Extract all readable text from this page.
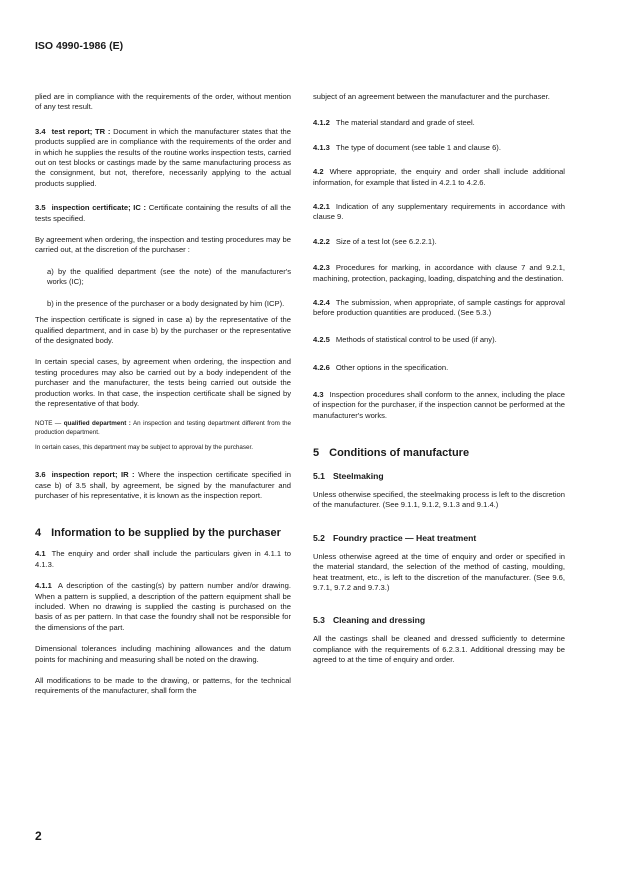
ISO 4990-1986 (E)

plied are in compliance with the requirements of the order, without mention of any test result.

3.4 test report; TR : Document in which the manufacturer states that the products supplied are in compliance with the requirements of the order and in which he supplies the results of the routine works inspection tests, carried out on test blocks or castings made by the same manufacturing process as the consignment, but not, therefore, necessarily applying to the actual products supplied.

3.5 inspection certificate; IC : Certificate containing the results of all the tests specified.

By agreement when ordering, the inspection and testing procedures may be carried out, at the discretion of the purchaser :

a) by the qualified department (see the note) of the manufacturer's works (IC);

b) in the presence of the purchaser or a body designated by him (ICP).

The inspection certificate is signed in case a) by the representative of the qualified department, and in case b) by the purchaser or the representative of the designated body.

In certain special cases, by agreement when ordering, the inspection and testing procedures may also be carried out by a body independent of the purchaser and the manufacturer, the tests being carried out outside the production works. In that case, the inspection certificate shall be signed by the representative of that body.

NOTE — qualified department : An inspection and testing department different from the production department.

In certain cases, this department may be subject to approval by the purchaser.

3.6 inspection report; IR : Where the inspection certificate specified in case b) of 3.5 shall, by agreement, be signed by the manufacturer and purchaser of his representative, it is known as the inspection report.

4 Information to be supplied by the purchaser

4.1 The enquiry and order shall include the particulars given in 4.1.1 to 4.1.3.

4.1.1 A description of the casting(s) by pattern number and/or drawing. When a pattern is supplied, a description of the pattern equipment shall be included. When no drawing is supplied the casting is purchased on the basis of as per pattern. In that case the foundry shall not be responsible for the dimensions of the part.

Dimensional tolerances including machining allowances and the datum points for machining and measuring shall be noted on the drawing.

All modifications to be made to the drawing, or patterns, for the technical requirements of the manufacturer, shall form the

subject of an agreement between the manufacturer and the purchaser.

4.1.2 The material standard and grade of steel.

4.1.3 The type of document (see table 1 and clause 6).

4.2 Where appropriate, the enquiry and order shall include additional information, for example that listed in 4.2.1 to 4.2.6.

4.2.1 Indication of any supplementary requirements in accordance with clause 9.

4.2.2 Size of a test lot (see 6.2.2.1).

4.2.3 Procedures for marking, in accordance with clause 7 and 9.2.1, machining, protection, packaging, loading, dispatching and the destination.

4.2.4 The submission, when appropriate, of sample castings for approval before production quantities are produced. (See 5.3.)

4.2.5 Methods of statistical control to be used (if any).

4.2.6 Other options in the specification.

4.3 Inspection procedures shall conform to the annex, including the place of inspection for the purchaser, if the inspection cannot be performed at the manufacturer's works.

5 Conditions of manufacture
5.1 Steelmaking

Unless otherwise specified, the steelmaking process is left to the discretion of the manufacturer. (See 9.1.1, 9.1.2, 9.1.3 and 9.1.4.)

5.2 Foundry practice — Heat treatment

Unless otherwise agreed at the time of enquiry and order or specified in the material standard, the selection of the method of casting, moulding, heat treatment, etc., is left to the discretion of the manufacturer. (See 9.6, 9.7.1, 9.7.2 and 9.7.3.)

5.3 Cleaning and dressing

All the castings shall be cleaned and dressed sufficiently to determine compliance with the requirements of 6.2.3.1. Additional dressing may be agreed to at the time of enquiry and order.

2
